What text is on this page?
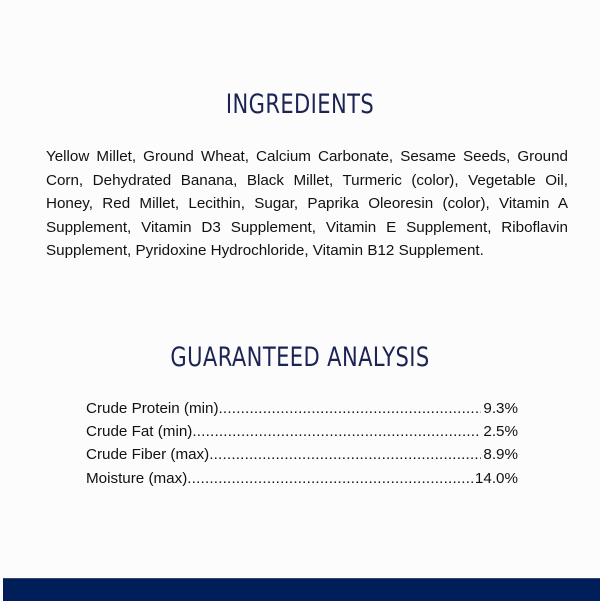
INGREDIENTS

Yellow Millet, Ground Wheat, Calcium Carbonate, Sesame Seeds, Ground Corn, Dehydrated Banana, Black Millet, Turmeric (color), Vegetable Oil, Honey, Red Millet, Lecithin, Sugar, Paprika Oleoresin (color), Vitamin A Supplement, Vitamin D3 Supplement, Vitamin E Supplement, Riboflavin Supplement, Pyridoxine Hydrochloride, Vitamin B12 Supplement.

GUARANTEED ANALYSIS
Crude Protein (min) .....	9.3%
Crude Fat (min) .....	2.5%
Crude Fiber (max) .....	8.9%
Moisture (max) .....	14.0%
